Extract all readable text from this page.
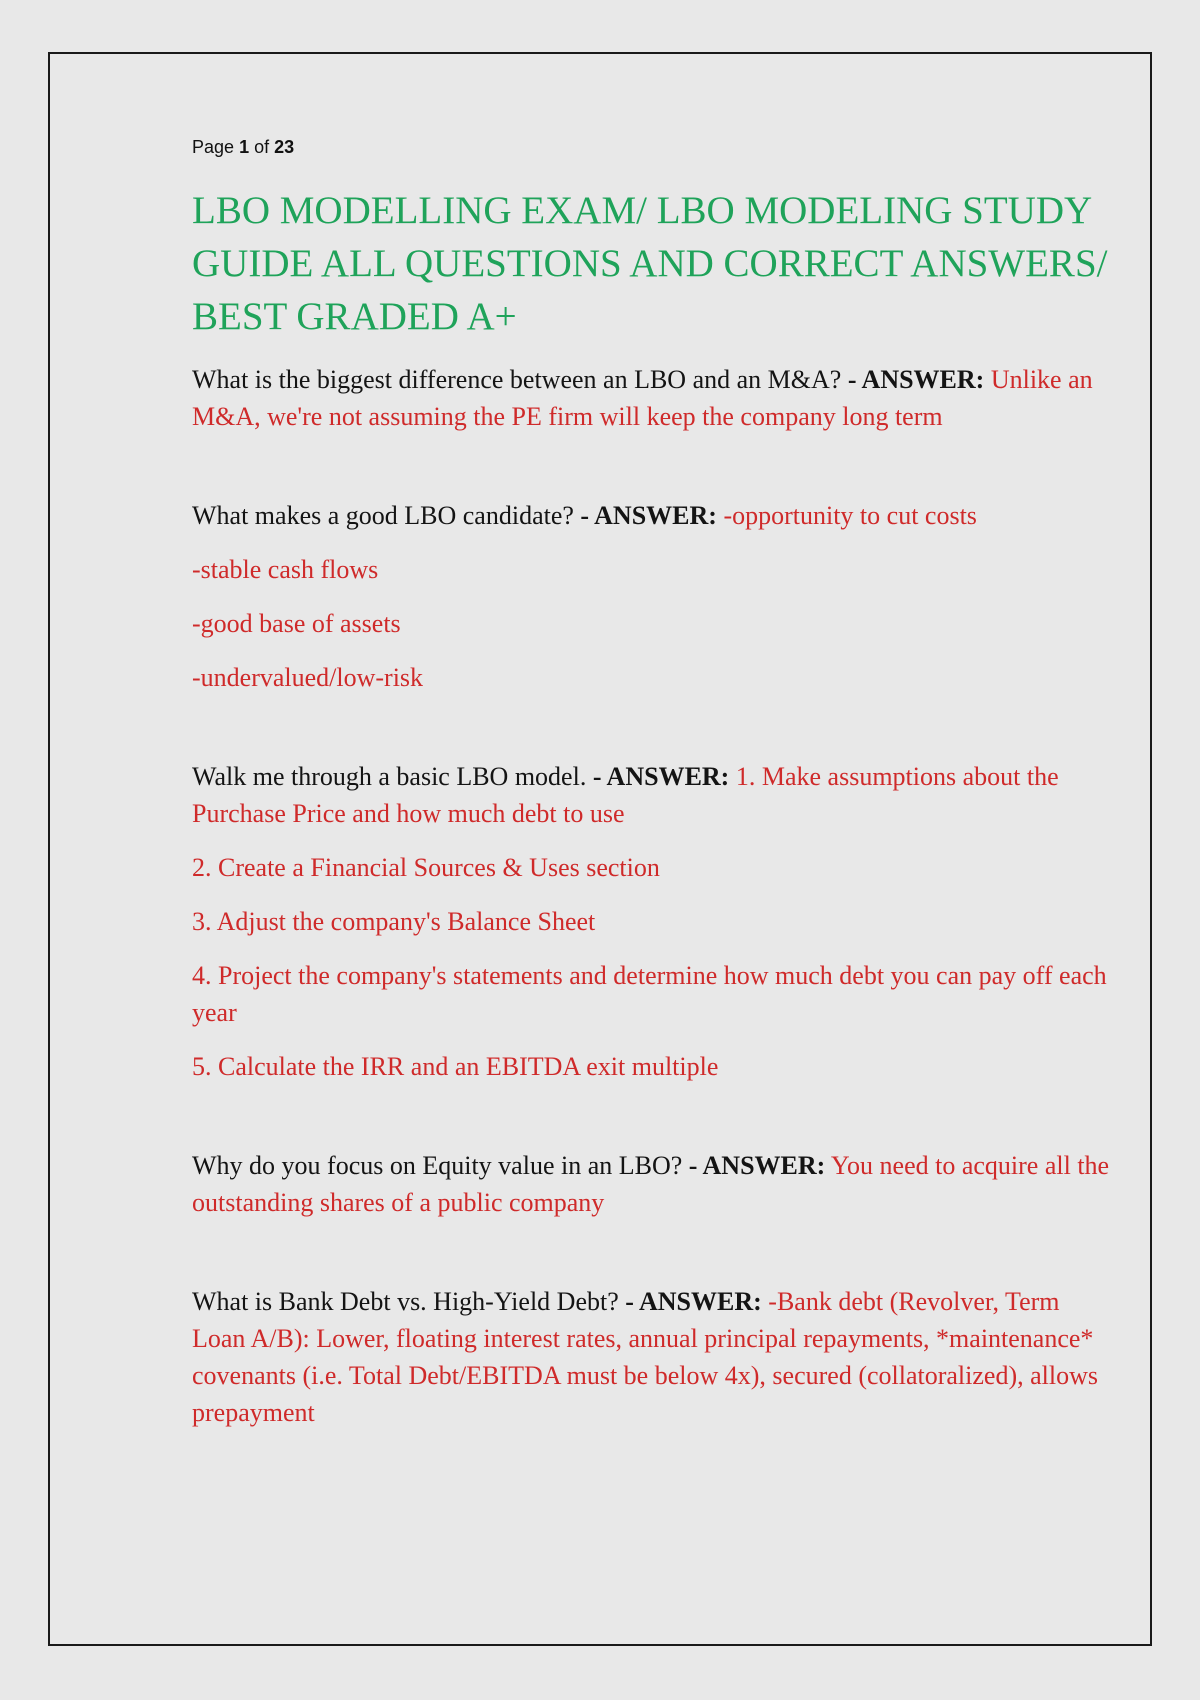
Page 1 of 23

LBO MODELLING EXAM/ LBO MODELING STUDY GUIDE ALL QUESTIONS AND CORRECT ANSWERS/ BEST GRADED A+

What is the biggest difference between an LBO and an M&A? - ANSWER: Unlike an M&A, we're not assuming the PE firm will keep the company long term

What makes a good LBO candidate? - ANSWER: -opportunity to cut costs

-stable cash flows

-good base of assets

-undervalued/low-risk

Walk me through a basic LBO model. - ANSWER: 1. Make assumptions about the Purchase Price and how much debt to use

2. Create a Financial Sources & Uses section

3. Adjust the company's Balance Sheet

4. Project the company's statements and determine how much debt you can pay off each year

5. Calculate the IRR and an EBITDA exit multiple

Why do you focus on Equity value in an LBO? - ANSWER: You need to acquire all the outstanding shares of a public company

What is Bank Debt vs. High-Yield Debt? - ANSWER: -Bank debt (Revolver, Term Loan A/B): Lower, floating interest rates, annual principal repayments, *maintenance* covenants (i.e. Total Debt/EBITDA must be below 4x), secured (collatoralized), allows prepayment
